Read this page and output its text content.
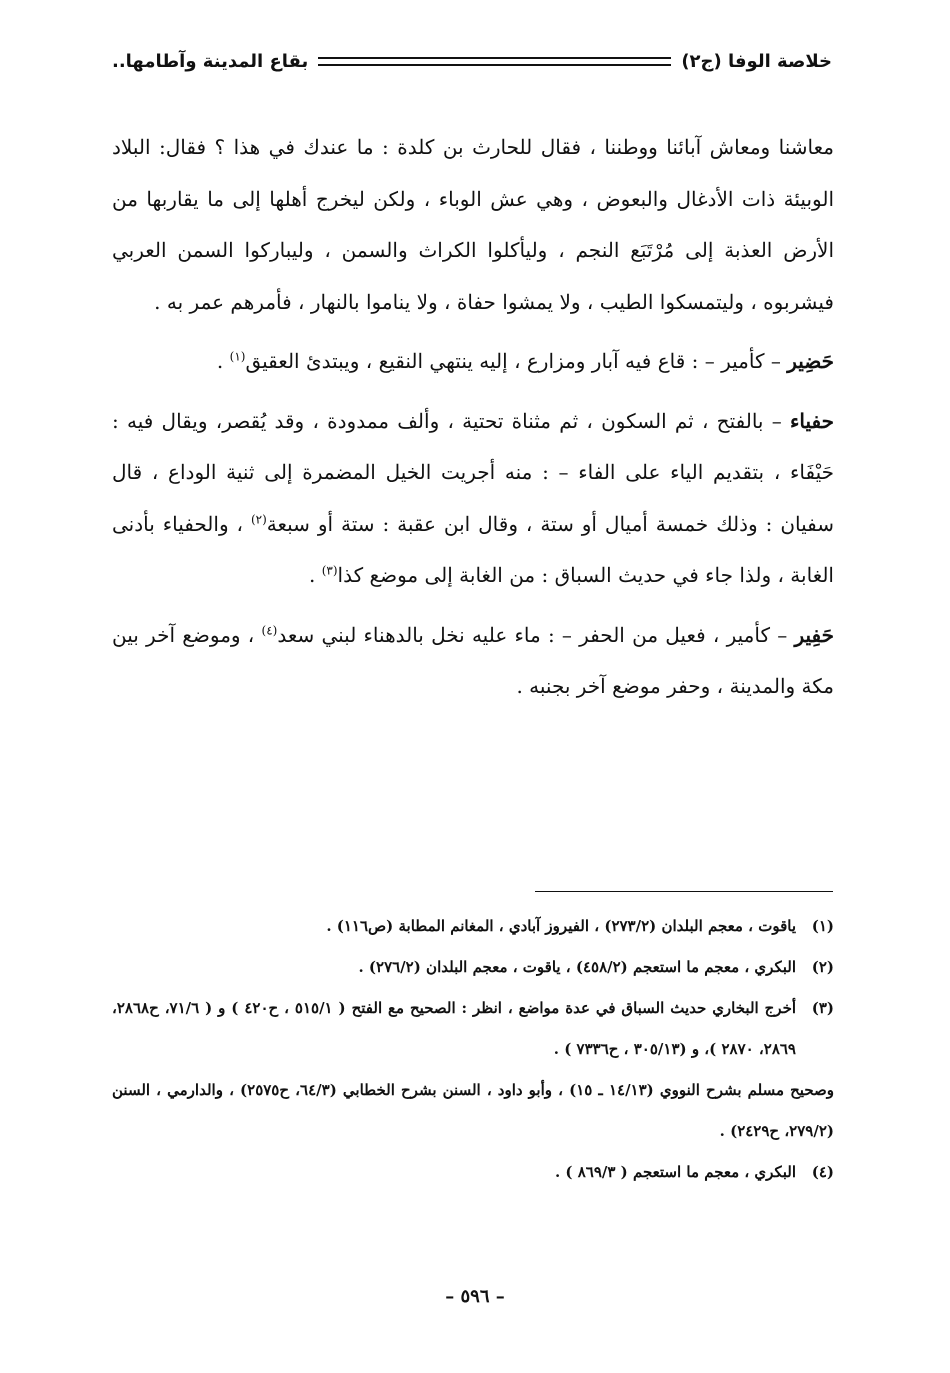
خلاصة الوفا (ج٢)
بقاع المدينة وآطامها..

معاشنا ومعاش آبائنا ووطننا ، فقال للحارث بن كلدة : ما عندك في هذا ؟ فقال: البلاد الوبيئة ذات الأدغال والبعوض ، وهي عش الوباء ، ولكن ليخرج أهلها إلى ما يقاربها من الأرض العذبة إلى مُرْتَبَع النجم ، وليأكلوا الكراث والسمن ، وليباركوا السمن العربي فيشربوه ، وليتمسكوا الطيب ، ولا يمشوا حفاة ، ولا يناموا بالنهار ، فأمرهم عمر به .

حَضِير – كأمير – : قاع فيه آبار ومزارع ، إليه ينتهي النقيع ، ويبتدئ العقيق$^{(١)}$ .

حفياء – بالفتح ، ثم السكون ، ثم مثناة تحتية ، وألف ممدودة ، وقد يُقصر، ويقال فيه : حَيْفَاء ، بتقديم الياء على الفاء – : منه أجريت الخيل المضمرة إلى ثنية الوداع ، قال سفيان : وذلك خمسة أميال أو ستة ، وقال ابن عقبة : ستة أو سبعة$^{(٢)}$ ، والحفياء بأدنى الغابة ، ولذا جاء في حديث السباق : من الغابة إلى موضع كذا$^{(٣)}$ .

حَفِير – كأمير ، فعيل من الحفر – : ماء عليه نخل بالدهناء لبني سعد$^{(٤)}$ ، وموضع آخر بين مكة والمدينة ، وحفر موضع آخر بجنبه .

(١)
ياقوت ، معجم البلدان (٢٧٣/٢) ، الفيروز آبادي ، المغانم المطابة (ص١١٦) .
(٢)
البكري ، معجم ما استعجم (٤٥٨/٢) ، ياقوت ، معجم البلدان (٢٧٦/٢) .
(٣)
أخرج البخاري حديث السباق في عدة مواضع ، انظر : الصحيح مع الفتح ( ٥١٥/١ ، ح٤٢٠ ) و ( ٧١/٦، ح٢٨٦٨، ٢٨٦٩، ٢٨٧٠ )، و (٣٠٥/١٣ ، ح٧٣٣٦ ) .
وصحيح مسلم بشرح النووي (١٤/١٣ ـ ١٥) ، وأبو داود ، السنن بشرح الخطابي (٦٤/٣، ح٢٥٧٥) ، والدارمي ، السنن (٢٧٩/٢، ح٢٤٢٩) .
(٤)
البكري ، معجم ما استعجم ( ٨٦٩/٣ ) .
– ٥٩٦ –
